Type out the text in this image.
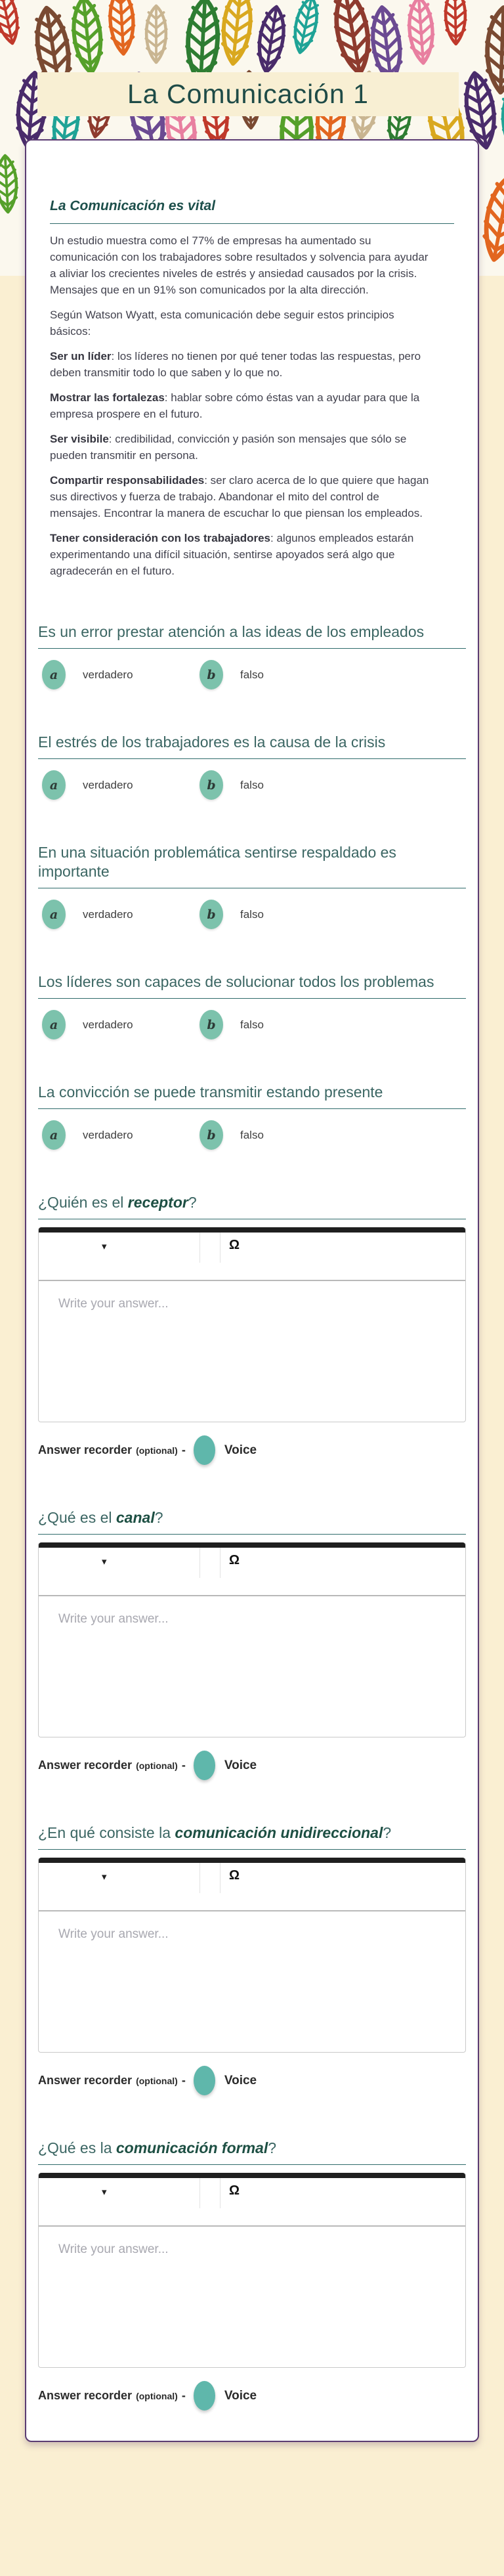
La Comunicación 1
La Comunicación es vital

Un estudio muestra como el 77% de empresas ha aumentado su comunicación con los trabajadores sobre resultados y solvencia para ayudar a aliviar los crecientes niveles de estrés y ansiedad causados por la crisis. Mensajes que en un 91% son comunicados por la alta dirección.

Según Watson Wyatt, esta comunicación debe seguir estos principios básicos:

Ser un líder: los líderes no tienen por qué tener todas las respuestas, pero deben transmitir todo lo que saben y lo que no.

Mostrar las fortalezas: hablar sobre cómo éstas van a ayudar para que la empresa prospere en el futuro.

Ser visibile: credibilidad, convicción y pasión son mensajes que sólo se pueden transmitir en persona.

Compartir responsabilidades: ser claro acerca de lo que quiere que hagan sus directivos y fuerza de trabajo. Abandonar el mito del control de mensajes. Encontrar la manera de escuchar lo que piensan los empleados.

Tener consideración con los trabajadores: algunos empleados estarán experimentando una difícil situación, sentirse apoyados será algo que agradecerán en el futuro.

Es un error prestar atención a las ideas de los empleados
a verdadero	b falso
El estrés de los trabajadores es la causa de la crisis
a verdadero	b falso
En una situación problemática sentirse respaldado es importante
a verdadero	b falso
Los líderes son capaces de solucionar todos los problemas
a verdadero	b falso
La convicción se puede transmitir estando presente
a verdadero	b falso
¿Quién es el receptor?
▾	Ω
Write your answer...
Answer recorder (optional) -	Voice
¿Qué es el canal?
▾	Ω
Write your answer...
Answer recorder (optional) -	Voice
¿En qué consiste la comunicación unidireccional?
▾	Ω
Write your answer...
Answer recorder (optional) -	Voice
¿Qué es la comunicación formal?
▾	Ω
Write your answer...
Answer recorder (optional) -	Voice
